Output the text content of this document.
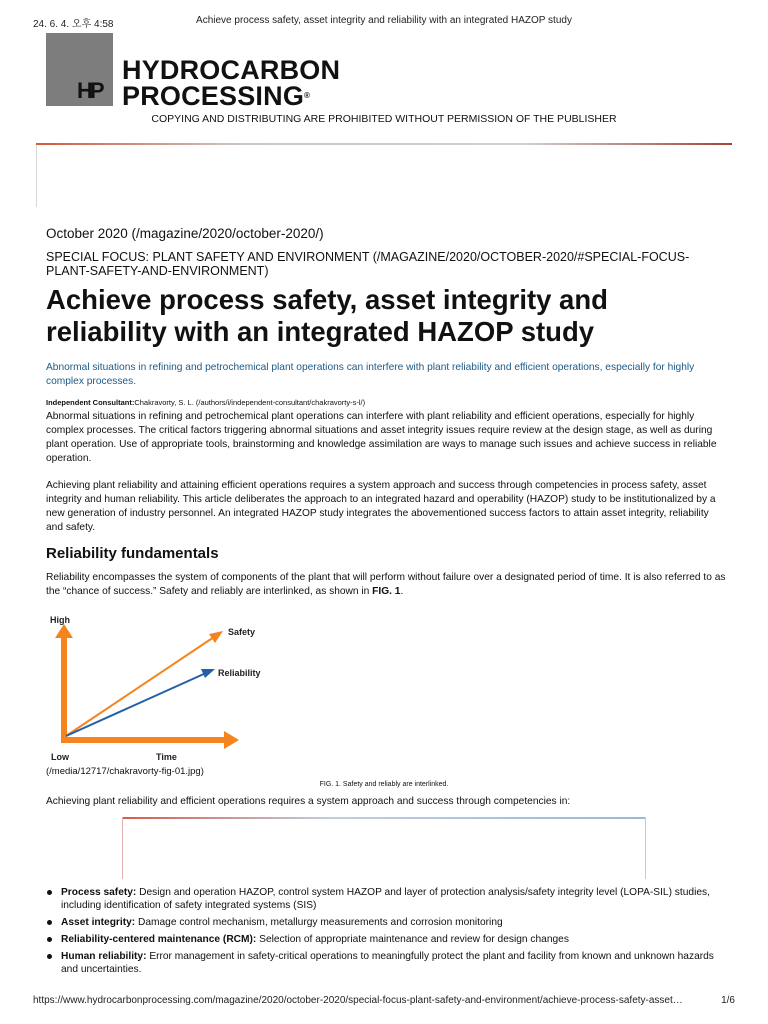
24. 6. 4. 오후 4:58	Achieve process safety, asset integrity and reliability with an integrated HAZOP study
HP
HYDROCARBON
PROCESSING®
COPYING AND DISTRIBUTING ARE PROHIBITED WITHOUT PERMISSION OF THE PUBLISHER
October 2020 (/magazine/2020/october-2020/)
SPECIAL FOCUS: PLANT SAFETY AND ENVIRONMENT (/MAGAZINE/2020/OCTOBER-2020/#SPECIAL-FOCUS-PLANT-SAFETY-AND-ENVIRONMENT)
Achieve process safety, asset integrity and reliability with an integrated HAZOP study

Abnormal situations in refining and petrochemical plant operations can interfere with plant reliability and efficient operations, especially for highly complex processes.

Independent Consultant:Chakravorty, S. L. (/authors/i/independent-consultant/chakravorty-s-l/)

Abnormal situations in refining and petrochemical plant operations can interfere with plant reliability and efficient operations, especially for highly complex processes. The critical factors triggering abnormal situations and asset integrity issues require review at the design stage, as well as during plant operation. Use of appropriate tools, brainstorming and knowledge assimilation are ways to manage such issues and achieve success in reliable operation.

Achieving plant reliability and attaining efficient operations requires a system approach and success through competencies in process safety, asset integrity and human reliability. This article deliberates the approach to an integrated hazard and operability (HAZOP) study to be institutionalized by a new generation of industry personnel. An integrated HAZOP study integrates the abovementioned success factors to attain asset integrity, reliability and safety.

Reliability fundamentals

Reliability encompasses the system of components of the plant that will perform without failure over a designated period of time. It is also referred to as the “chance of success.” Safety and reliably are interlinked, as shown in FIG. 1.

High
Low	Time
Safety
Reliability
(/media/12717/chakravorty-fig-01.jpg)
FIG. 1. Safety and reliably are interlinked.

Achieving plant reliability and efficient operations requires a system approach and success through competencies in:

Process safety: Design and operation HAZOP, control system HAZOP and layer of protection analysis/safety integrity level (LOPA-SIL) studies, including identification of safety integrated systems (SIS)
Asset integrity: Damage control mechanism, metallurgy measurements and corrosion monitoring
Reliability-centered maintenance (RCM): Selection of appropriate maintenance and review for design changes
Human reliability: Error management in safety-critical operations to meaningfully protect the plant and facility from known and unknown hazards and uncertainties.
https://www.hydrocarbonprocessing.com/magazine/2020/october-2020/special-focus-plant-safety-and-environment/achieve-process-safety-asset…	1/6
